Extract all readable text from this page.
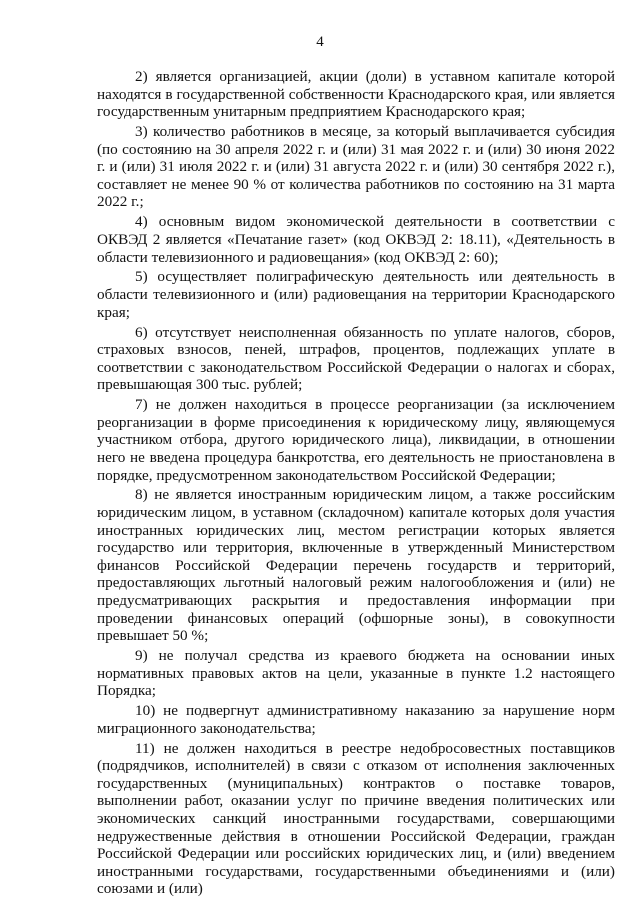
4

2) является организацией, акции (доли) в уставном капитале которой находятся в государственной собственности Краснодарского края, или является государственным унитарным предприятием Краснодарского края;

3) количество работников в месяце, за который выплачивается субсидия (по состоянию на 30 апреля 2022 г. и (или) 31 мая 2022 г. и (или) 30 июня 2022 г. и (или) 31 июля 2022 г. и (или) 31 августа 2022 г. и (или) 30 сентября 2022 г.), составляет не менее 90 % от количества работников по состоянию на 31 марта 2022 г.;

4) основным видом экономической деятельности в соответствии с ОКВЭД 2 является «Печатание газет» (код ОКВЭД 2: 18.11), «Деятельность в области телевизионного и радиовещания» (код ОКВЭД 2: 60);

5) осуществляет полиграфическую деятельность или деятельность в области телевизионного и (или) радиовещания на территории Краснодарского края;

6) отсутствует неисполненная обязанность по уплате налогов, сборов, страховых взносов, пеней, штрафов, процентов, подлежащих уплате в соответствии с законодательством Российской Федерации о налогах и сборах, превышающая 300 тыс. рублей;

7) не должен находиться в процессе реорганизации (за исключением реорганизации в форме присоединения к юридическому лицу, являющемуся участником отбора, другого юридического лица), ликвидации, в отношении него не введена процедура банкротства, его деятельность не приостановлена в порядке, предусмотренном законодательством Российской Федерации;

8) не является иностранным юридическим лицом, а также российским юридическим лицом, в уставном (складочном) капитале которых доля участия иностранных юридических лиц, местом регистрации которых является государство или территория, включенные в утвержденный Министерством финансов Российской Федерации перечень государств и территорий, предоставляющих льготный налоговый режим налогообложения и (или) не предусматривающих раскрытия и предоставления информации при проведении финансовых операций (офшорные зоны), в совокупности превышает 50 %;

9) не получал средства из краевого бюджета на основании иных нормативных правовых актов на цели, указанные в пункте 1.2 настоящего Порядка;

10) не подвергнут административному наказанию за нарушение норм миграционного законодательства;

11) не должен находиться в реестре недобросовестных поставщиков (подрядчиков, исполнителей) в связи с отказом от исполнения заключенных государственных (муниципальных) контрактов о поставке товаров, выполнении работ, оказании услуг по причине введения политических или экономических санкций иностранными государствами, совершающими недружественные действия в отношении Российской Федерации, граждан Российской Федерации или российских юридических лиц, и (или) введением иностранными государствами, государственными объединениями и (или) союзами и (или)
